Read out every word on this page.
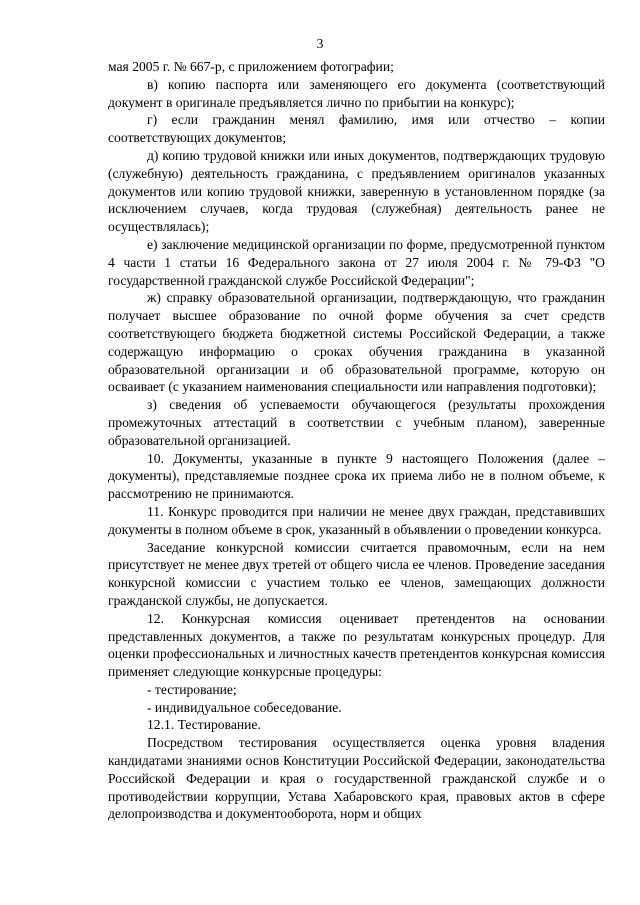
3

мая 2005 г. № 667-р, с приложением фотографии;

в) копию паспорта или заменяющего его документа (соответствующий документ в оригинале предъявляется лично по прибытии на конкурс);

г) если гражданин менял фамилию, имя или отчество – копии соответствующих документов;

д) копию трудовой книжки или иных документов, подтверждающих трудовую (служебную) деятельность гражданина, с предъявлением оригиналов указанных документов или копию трудовой книжки, заверенную в установленном порядке (за исключением случаев, когда трудовая (служебная) деятельность ранее не осуществлялась);

е) заключение медицинской организации по форме, предусмотренной пунктом 4 части 1 статьи 16 Федерального закона от 27 июля 2004 г. № 79-ФЗ "О государственной гражданской службе Российской Федерации";

ж) справку образовательной организации, подтверждающую, что гражданин получает высшее образование по очной форме обучения за счет средств соответствующего бюджета бюджетной системы Российской Федерации, а также содержащую информацию о сроках обучения гражданина в указанной образовательной организации и об образовательной программе, которую он осваивает (с указанием наименования специальности или направления подготовки);

з) сведения об успеваемости обучающегося (результаты прохождения промежуточных аттестаций в соответствии с учебным планом), заверенные образовательной организацией.

10. Документы, указанные в пункте 9 настоящего Положения (далее – документы), представляемые позднее срока их приема либо не в полном объеме, к рассмотрению не принимаются.

11. Конкурс проводится при наличии не менее двух граждан, представивших документы в полном объеме в срок, указанный в объявлении о проведении конкурса.

Заседание конкурсной комиссии считается правомочным, если на нем присутствует не менее двух третей от общего числа ее членов. Проведение заседания конкурсной комиссии с участием только ее членов, замещающих должности гражданской службы, не допускается.

12. Конкурсная комиссия оценивает претендентов на основании представленных документов, а также по результатам конкурсных процедур. Для оценки профессиональных и личностных качеств претендентов конкурсная комиссия применяет следующие конкурсные процедуры:

- тестирование;

- индивидуальное собеседование.

12.1. Тестирование.

Посредством тестирования осуществляется оценка уровня владения кандидатами знаниями основ Конституции Российской Федерации, законодательства Российской Федерации и края о государственной гражданской службе и о противодействии коррупции, Устава Хабаровского края, правовых актов в сфере делопроизводства и документооборота, норм и общих
